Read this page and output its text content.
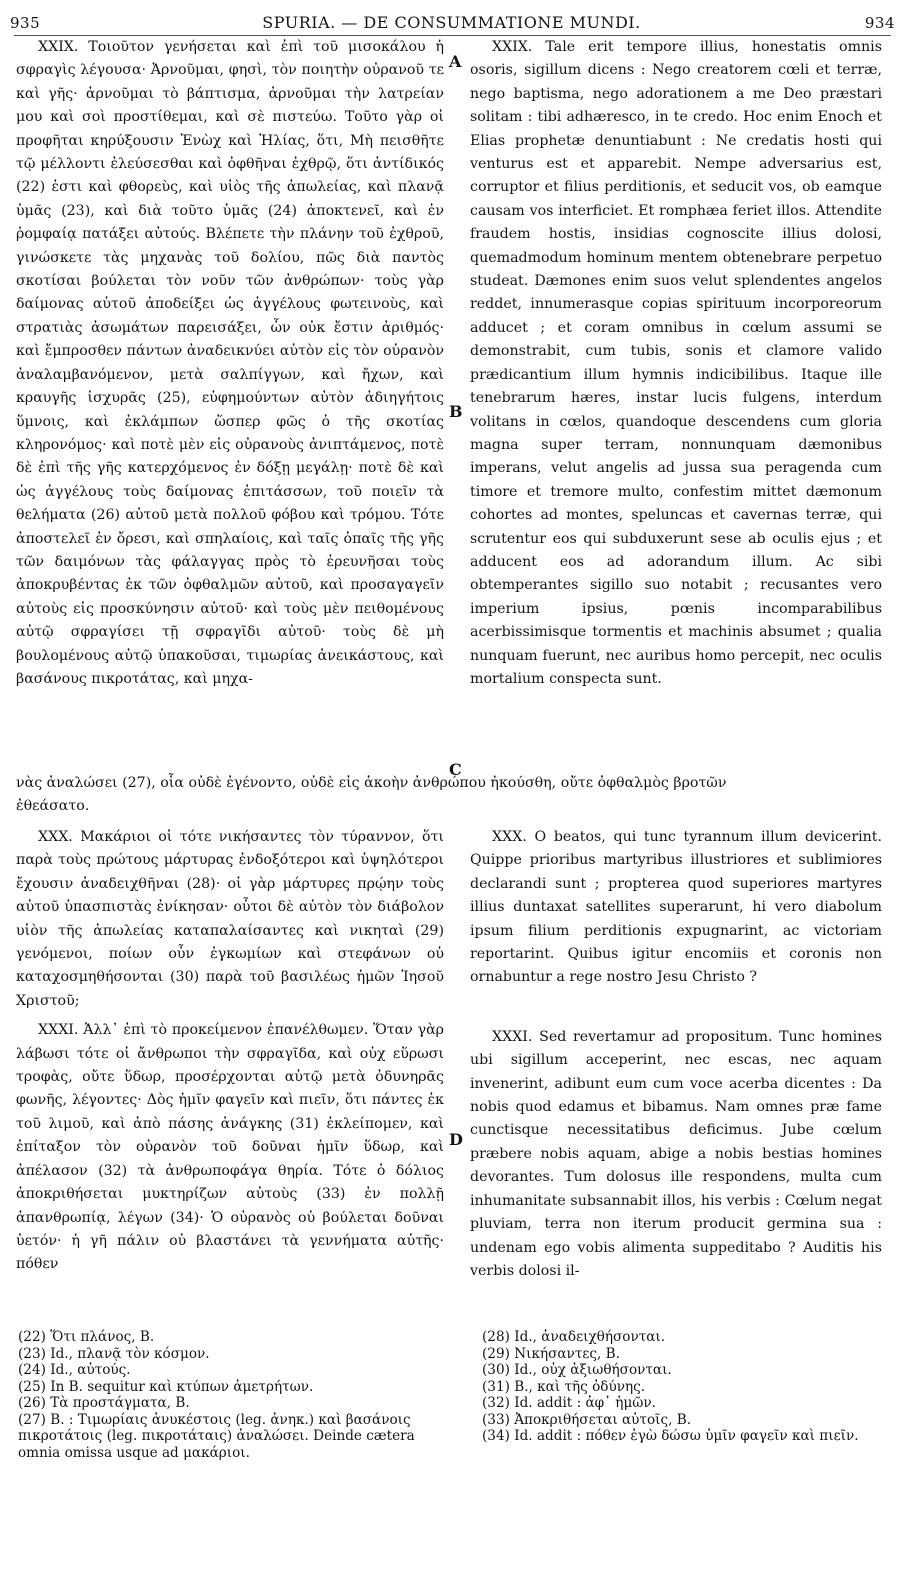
935	SPURIA. — DE CONSUMMATIONE MUNDI.	934

XXIX. Τοιοῦτον γενήσεται καὶ ἐπὶ τοῦ μισοκάλου ἡ σφραγὶς λέγουσα· Ἀρνοῦμαι, φησὶ, τὸν ποιητὴν οὐρανοῦ τε καὶ γῆς· ἀρνοῦμαι τὸ βάπτισμα, ἀρνοῦμαι τὴν λατρείαν μου καὶ σοὶ προστίθεμαι, καὶ σὲ πιστεύω. Τοῦτο γὰρ οἱ προφῆται κηρύξουσιν Ἐνὼχ καὶ Ἠλίας, ὅτι, Μὴ πεισθῆτε τῷ μέλλοντι ἐλεύσεσθαι καὶ ὀφθῆναι ἐχθρῷ, ὅτι ἀντίδικός (22) ἐστι καὶ φθορεὺς, καὶ υἱὸς τῆς ἀπωλείας, καὶ πλανᾷ ὑμᾶς (23), καὶ διὰ τοῦτο ὑμᾶς (24) ἀποκτενεῖ, καὶ ἐν ῥομφαίᾳ πατάξει αὐτούς. Βλέπετε τὴν πλάνην τοῦ ἐχθροῦ, γινώσκετε τὰς μηχανὰς τοῦ δολίου, πῶς διὰ παντὸς σκοτίσαι βούλεται τὸν νοῦν τῶν ἀνθρώπων· τοὺς γὰρ δαίμονας αὐτοῦ ἀποδείξει ὡς ἀγγέλους φωτεινοὺς, καὶ στρατιὰς ἀσωμάτων παρεισάξει, ὧν οὐκ ἔστιν ἀριθμός· καὶ ἔμπροσθεν πάντων ἀναδεικνύει αὐτὸν εἰς τὸν οὐρανὸν ἀναλαμβανόμενον, μετὰ σαλπίγγων, καὶ ἤχων, καὶ κραυγῆς ἰσχυρᾶς (25), εὐφημούντων αὐτὸν ἀδιηγήτοις ὕμνοις, καὶ ἐκλάμπων ὥσπερ φῶς ὁ τῆς σκοτίας κληρονόμος· καὶ ποτὲ μὲν εἰς οὐρανοὺς ἀνιπτάμενος, ποτὲ δὲ ἐπὶ τῆς γῆς κατερχόμενος ἐν δόξῃ μεγάλῃ· ποτὲ δὲ καὶ ὡς ἀγγέλους τοὺς δαίμονας ἐπιτάσσων, τοῦ ποιεῖν τὰ θελήματα (26) αὐτοῦ μετὰ πολλοῦ φόβου καὶ τρόμου. Τότε ἀποστελεῖ ἐν ὄρεσι, καὶ σπηλαίοις, καὶ ταῖς ὀπαῖς τῆς γῆς τῶν δαιμόνων τὰς φάλαγγας πρὸς τὸ ἐρευνῆσαι τοὺς ἀποκρυβέντας ἐκ τῶν ὀφθαλμῶν αὐτοῦ, καὶ προσαγαγεῖν αὐτοὺς εἰς προσκύνησιν αὐτοῦ· καὶ τοὺς μὲν πειθομένους αὐτῷ σφραγίσει τῇ σφραγῖδι αὐτοῦ· τοὺς δὲ μὴ βουλομένους αὐτῷ ὑπακοῦσαι, τιμωρίας ἀνεικάστους, καὶ βασάνους πικροτάτας, καὶ μηχα-

XXIX. Tale erit tempore illius, honestatis omnis osoris, sigillum dicens : Nego creatorem cœli et terræ, nego baptisma, nego adorationem a me Deo præstari solitam : tibi adhæresco, in te credo. Hoc enim Enoch et Elias prophetæ denuntiabunt : Ne credatis hosti qui venturus est et apparebit. Nempe adversarius est, corruptor et filius perditionis, et seducit vos, ob eamque causam vos interficiet. Et romphæa feriet illos. Attendite fraudem hostis, insidias cognoscite illius dolosi, quemadmodum hominum mentem obtenebrare perpetuo studeat. Dæmones enim suos velut splendentes angelos reddet, innumerasque copias spirituum incorporeorum adducet ; et coram omnibus in cœlum assumi se demonstrabit, cum tubis, sonis et clamore valido prædicantium illum hymnis indicibilibus. Itaque ille tenebrarum hæres, instar lucis fulgens, interdum volitans in cœlos, quandoque descendens cum gloria magna super terram, nonnunquam dæmonibus imperans, velut angelis ad jussa sua peragenda cum timore et tremore multo, confestim mittet dæmonum cohortes ad montes, speluncas et cavernas terræ, qui scrutentur eos qui subduxerunt sese ab oculis ejus ; et adducent eos ad adorandum illum. Ac sibi obtemperantes sigillo suo notabit ; recusantes vero imperium ipsius, pœnis incomparabilibus acerbissimisque tormentis et machinis absumet ; qualia nunquam fuerunt, nec auribus homo percepit, nec oculis mortalium conspecta sunt.

νὰς ἀναλώσει (27), οἷα οὐδὲ ἐγένοντο, οὐδὲ εἰς ἀκοὴν ἀνθρώπου ἠκούσθη, οὔτε ὀφθαλμὸς βροτῶν
ἐθεάσατο.

XXX. Μακάριοι οἱ τότε νικήσαντες τὸν τύραννον, ὅτι παρὰ τοὺς πρώτους μάρτυρας ἐνδοξότεροι καὶ ὑψηλότεροι ἔχουσιν ἀναδειχθῆναι (28)· οἱ γὰρ μάρτυρες πρῴην τοὺς αὐτοῦ ὑπασπιστὰς ἐνίκησαν· οὗτοι δὲ αὐτὸν τὸν διάβολον υἱὸν τῆς ἀπωλείας καταπαλαίσαντες καὶ νικηταὶ (29) γενόμενοι, ποίων οὖν ἐγκωμίων καὶ στεφάνων οὐ καταχοσμηθήσονται (30) παρὰ τοῦ βασιλέως ἡμῶν Ἰησοῦ Χριστοῦ;

XXXI. Ἀλλ᾽ ἐπὶ τὸ προκείμενον ἐπανέλθωμεν. Ὅταν γὰρ λάβωσι τότε οἱ ἄνθρωποι τὴν σφραγῖδα, καὶ οὐχ εὕρωσι τροφὰς, οὔτε ὕδωρ, προσέρχονται αὐτῷ μετὰ ὀδυνηρᾶς φωνῆς, λέγοντες· Δὸς ἡμῖν φαγεῖν καὶ πιεῖν, ὅτι πάντες ἐκ τοῦ λιμοῦ, καὶ ἀπὸ πάσης ἀνάγκης (31) ἐκλείπομεν, καὶ ἐπίταξον τὸν οὐρανὸν τοῦ δοῦναι ἡμῖν ὕδωρ, καὶ ἀπέλασον (32) τὰ ἀνθρωποφάγα θηρία. Τότε ὁ δόλιος ἀποκριθήσεται μυκτηρίζων αὐτοὺς (33) ἐν πολλῇ ἀπανθρωπίᾳ, λέγων (34)· Ὁ οὐρανὸς οὐ βούλεται δοῦναι ὑετόν· ἡ γῆ πάλιν οὐ βλαστάνει τὰ γεννήματα αὐτῆς· πόθεν

XXX. O beatos, qui tunc tyrannum illum devicerint. Quippe prioribus martyribus illustriores et sublimiores declarandi sunt ; propterea quod superiores martyres illius duntaxat satellites superarunt, hi vero diabolum ipsum filium perditionis expugnarint, ac victoriam reportarint. Quibus igitur encomiis et coronis non ornabuntur a rege nostro Jesu Christo ?

XXXI. Sed revertamur ad propositum. Tunc homines ubi sigillum acceperint, nec escas, nec aquam invenerint, adibunt eum cum voce acerba dicentes : Da nobis quod edamus et bibamus. Nam omnes præ fame cunctisque necessitatibus deficimus. Jube cœlum præbere nobis aquam, abige a nobis bestias homines devorantes. Tum dolosus ille respondens, multa cum inhumanitate subsannabit illos, his verbis : Cœlum negat pluviam, terra non iterum producit germina sua : undenam ego vobis alimenta suppeditabo ? Auditis his verbis dolosi il-

A
B
C
D
(22) Ὅτι πλάνος, B.
(23) Id., πλανᾷ τὸν κόσμον.
(24) Id., αὐτούς.
(25) In B. sequitur καὶ κτύπων ἀμετρήτων.
(26) Τὰ προστάγματα, B.
(27) B. : Τιμωρίαις ἀνυκέστοις (leg. ἀνηκ.) καὶ βασάνοις πικροτάτοις (leg. πικροτάταις) ἀναλώσει. Deinde cætera omnia omissa usque ad μακάριοι.
(28) Id., ἀναδειχθήσονται.
(29) Νικήσαντες, B.
(30) Id., οὐχ ἀξιωθήσονται.
(31) B., καὶ τῆς ὀδύνης.
(32) Id. addit : ἀφ᾽ ἡμῶν.
(33) Ἀποκριθήσεται αὐτοῖς, B.
(34) Id. addit : πόθεν ἐγὼ δώσω ὑμῖν φαγεῖν καὶ πιεῖν.
